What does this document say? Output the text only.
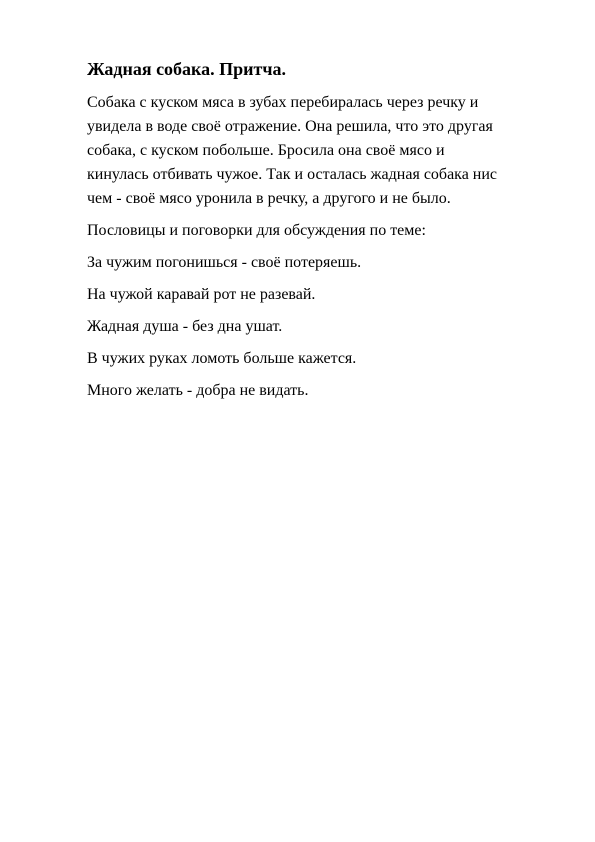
Жадная собака. Притча.
Собака с куском мяса в зубах перебиралась через речку и
увидела в воде своё отражение. Она решила, что это другая
собака, с куском побольше. Бросила она своё мясо и
кинулась отбивать чужое. Так и осталась жадная собака нис
чем - своё мясо уронила в речку, а другого и не было.
Пословицы и поговорки для обсуждения по теме:
За чужим погонишься - своё потеряешь.
На чужой каравай рот не разевай.
Жадная душа - без дна ушат.
В чужих руках ломоть больше кажется.
Много желать - добра не видать.
